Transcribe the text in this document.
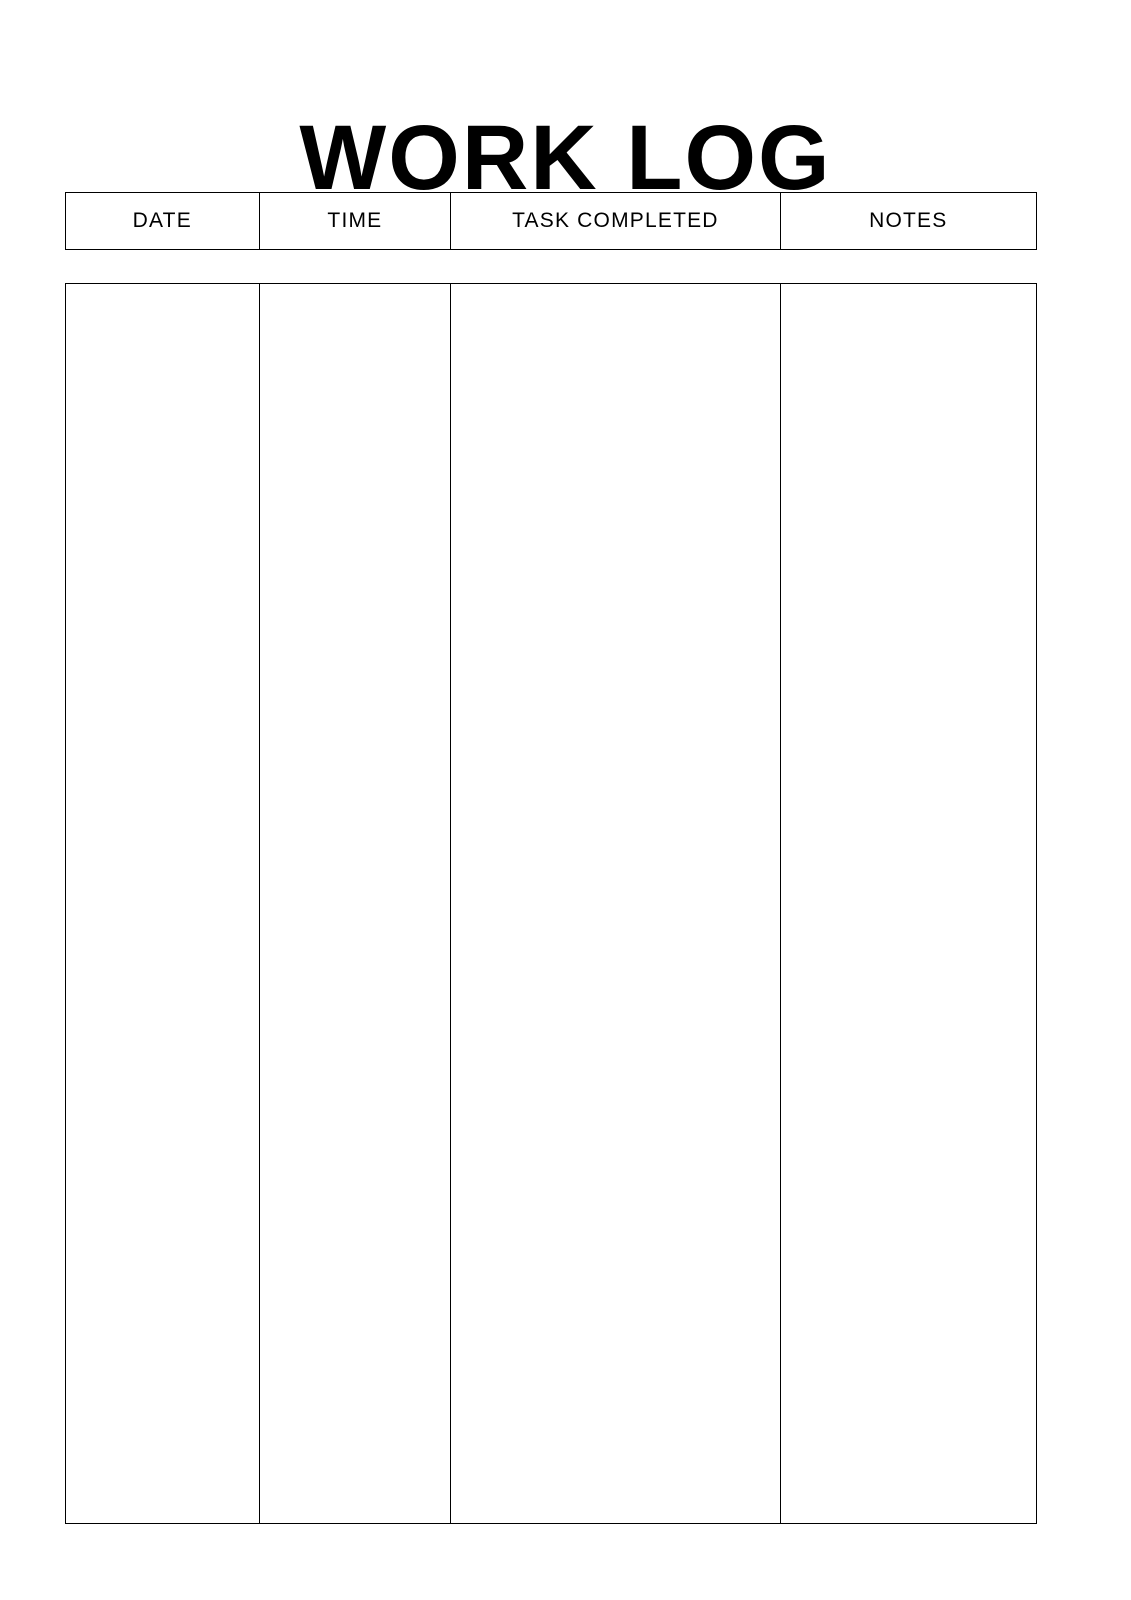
WORK LOG
DATE	TIME	TASK COMPLETED	NOTES
